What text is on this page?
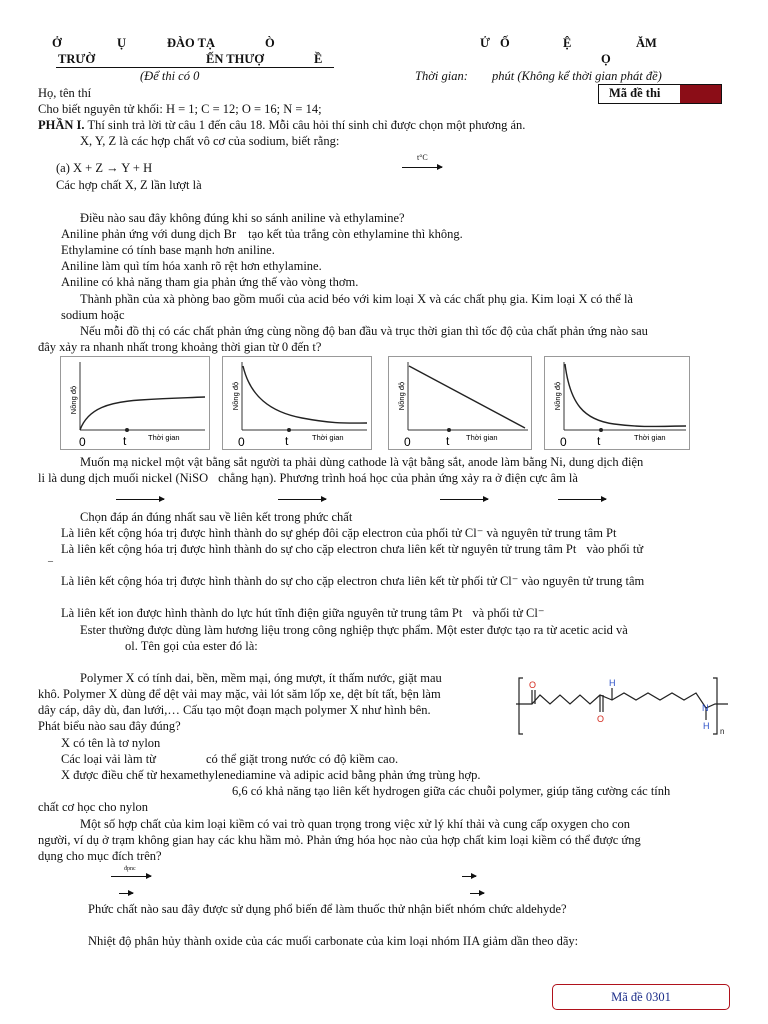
Ở	Ụ	ĐÀO TẠ	Ò	Ử Ố	Ệ	ĂM
TRƯỜ	ẾN THƯỢ	Ề	Ọ
(Để thi có 0	Thời gian: phút (Không kể thời gian phát đề)
Họ, tên thí	Mã đề thi
Cho biết nguyên tử khối: H = 1; C = 12; O = 16; N = 14;
PHẦN I. Thí sinh trả lời từ câu 1 đến câu 18. Mỗi câu hỏi thí sinh chỉ được chọn một phương án.
X, Y, Z là các hợp chất vô cơ của sodium, biết rằng:
(a) X + Z → Y + H
t°C
Các hợp chất X, Z lần lượt là
Điều nào sau đây không đúng khi so sánh aniline và ethylamine?
Aniline phản ứng với dung dịch Br tạo kết tủa trắng còn ethylamine thì không.
Ethylamine có tính base mạnh hơn aniline.
Aniline làm quì tím hóa xanh rõ rệt hơn ethylamine.
Aniline có khả năng tham gia phản ứng thế vào vòng thơm.
Thành phần của xà phòng bao gồm muối của acid béo với kim loại X và các chất phụ gia. Kim loại X có thể là
sodium hoặc
Nếu mỗi đồ thị có các chất phản ứng cùng nồng độ ban đầu và trục thời gian thì tốc độ của chất phản ứng nào sau
đây xảy ra nhanh nhất trong khoảng thời gian từ 0 đến t?
Nồng độ
Thời gian
0	t
Nồng độ
Thời gian
0	t
Nồng độ
Thời gian
0	t
Nồng độ
Thời gian
0	t
Muốn mạ nickel một vật bằng sắt người ta phải dùng cathode là vật bằng sắt, anode làm bằng Ni, dung dịch điện
li là dung dịch muối nickel (NiSO chẳng hạn). Phương trình hoá học của phản ứng xảy ra ở điện cực âm là
Chọn đáp án đúng nhất sau về liên kết trong phức chất
Là liên kết cộng hóa trị được hình thành do sự ghép đôi cặp electron của phối tử Cl⁻ và nguyên tử trung tâm Pt
Là liên kết cộng hóa trị được hình thành do sự cho cặp electron chưa liên kết từ nguyên tử trung tâm Pt vào phối tử
–
Là liên kết cộng hóa trị được hình thành do sự cho cặp electron chưa liên kết từ phối tử Cl⁻ vào nguyên tử trung tâm
Là liên kết ion được hình thành do lực hút tĩnh điện giữa nguyên tử trung tâm Pt và phối tử Cl⁻
Ester thường được dùng làm hương liệu trong công nghiệp thực phẩm. Một ester được tạo ra từ acetic acid và
ol. Tên gọi của ester đó là:
Polymer X có tính dai, bền, mềm mại, óng mượt, ít thấm nước, giặt mau
khô. Polymer X dùng để dệt vải may mặc, vải lót săm lốp xe, dệt bít tất, bện làm
dây cáp, dây dù, đan lưới,… Cấu tạo một đoạn mạch polymer X như hình bên.
Phát biểu nào sau đây đúng?
X có tên là tơ nylon
Các loại vải làm từ	có thể giặt trong nước có độ kiềm cao.
X được điều chế từ hexamethylenediamine và adipic acid bằng phản ứng trùng hợp.
6,6 có khả năng tạo liên kết hydrogen giữa các chuỗi polymer, giúp tăng cường các tính
chất cơ học cho nylon
O
O
H
N
H
n
Một số hợp chất của kim loại kiềm có vai trò quan trọng trong việc xử lý khí thải và cung cấp oxygen cho con
người, ví dụ ở trạm không gian hay các khu hầm mỏ. Phản ứng hóa học nào của hợp chất kim loại kiềm có thể được ứng
dụng cho mục đích trên?
đpnc
Phức chất nào sau đây được sử dụng phổ biến để làm thuốc thử nhận biết nhóm chức aldehyde?
Nhiệt độ phân hủy thành oxide của các muối carbonate của kim loại nhóm IIA giảm dần theo dãy:
Mã đề 0301
